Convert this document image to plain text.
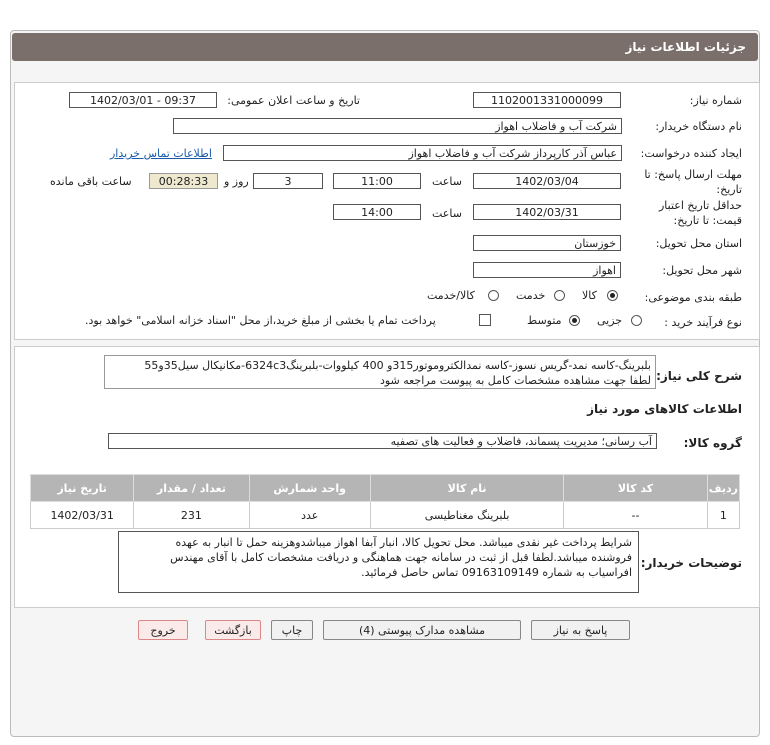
جزئیات اطلاعات نیاز
شماره نیاز:
1102001331000099
تاریخ و ساعت اعلان عمومی:
1402/03/01 - 09:37
نام دستگاه خریدار:
شرکت آب و فاضلاب اهواز
ایجاد کننده درخواست:
عباس آذر کارپرداز شرکت آب و فاضلاب اهواز
اطلاعات تماس خریدار
مهلت ارسال پاسخ: تا
تاریخ:
1402/03/04
ساعت
11:00
3
روز و
00:28:33
ساعت باقی مانده
حداقل تاریخ اعتبار
قیمت: تا تاریخ:
1402/03/31
ساعت
14:00
استان محل تحویل:
خوزستان
شهر محل تحویل:
اهواز
طبقه بندی موضوعی:
کالا
خدمت
کالا/خدمت
نوع فرآیند خرید :
جزیی
متوسط
پرداخت تمام یا بخشی از مبلغ خرید،از محل "اسناد خزانه اسلامی" خواهد بود.
شرح کلی نیاز:
بلبرینگ-کاسه نمد-گریس نسوز-کاسه نمدالکتروموتور315و 400 کیلووات-بلبرینگ6324c3-مکانیکال سیل35و55
لطفا جهت مشاهده مشخصات کامل به پیوست مراجعه شود
اطلاعات کالاهای مورد نیاز
گروه کالا:
آب رسانی؛ مدیریت پسماند، فاضلاب و فعالیت های تصفیه
ردیف	کد کالا	نام کالا	واحد شمارش	تعداد / مقدار	تاریخ نیاز
1	--	بلبرینگ مغناطیسی	عدد	231	1402/03/31
توضیحات خریدار:
شرایط پرداخت غیر نقدی میباشد. محل تحویل کالا، انبار آبفا اهواز میباشدوهزینه حمل تا انبار به عهده
فروشنده میباشد.لطفا قبل از ثبت در سامانه جهت هماهنگی و دریافت مشخصات کامل با آقای مهندس
افراسیاب به شماره 09163109149 تماس حاصل فرمائید.
پاسخ به نیاز
مشاهده مدارک پیوستی (4)
چاپ
بازگشت
خروج
